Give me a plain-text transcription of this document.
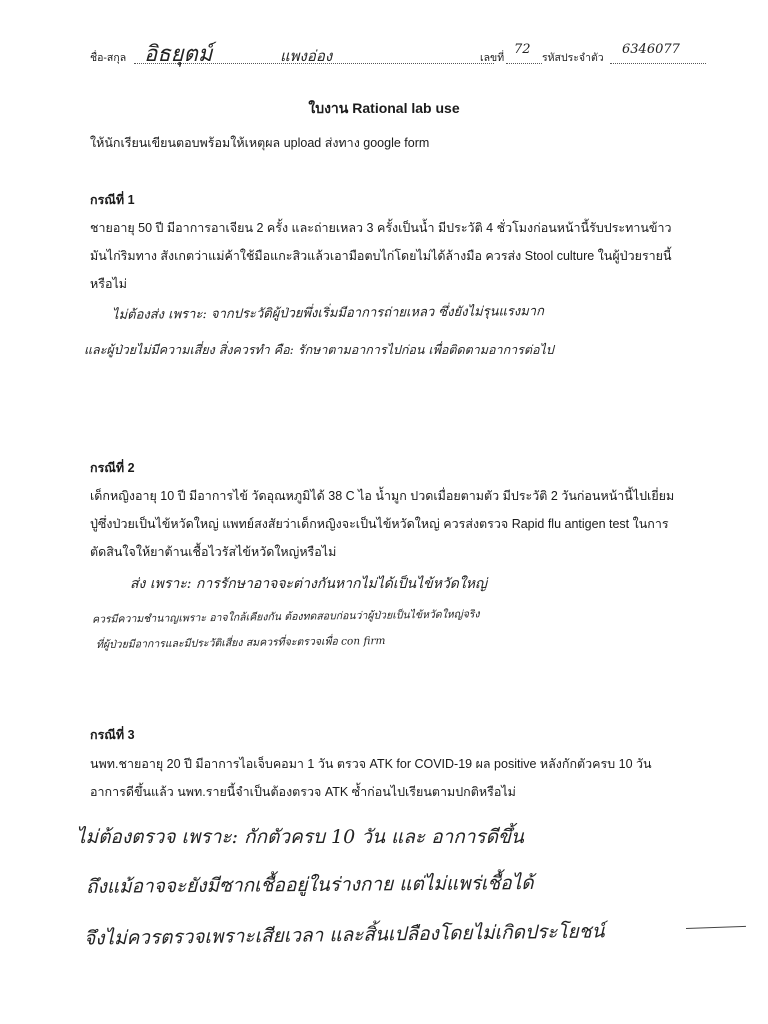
ชื่อ-สกุล อิธยุตม์	แพงอ่อง	เลขที่
72
รหัสประจำตัว
6346077
ใบงาน Rational lab use
ให้นักเรียนเขียนตอบพร้อมให้เหตุผล upload ส่งทาง google form
กรณีที่ 1
ชายอายุ 50 ปี มีอาการอาเจียน 2 ครั้ง และถ่ายเหลว 3 ครั้งเป็นน้ำ มีประวัติ 4 ชั่วโมงก่อนหน้านี้รับประทานข้าว
มันไก่ริมทาง สังเกตว่าแม่ค้าใช้มือแกะสิวแล้วเอามือตบไก่โดยไม่ได้ล้างมือ ควรส่ง Stool culture ในผู้ป่วยรายนี้
หรือไม่
ไม่ต้องส่ง เพราะ: จากประวัติผู้ป่วยพึ่งเริ่มมีอาการถ่ายเหลว ซึ่งยังไม่รุนแรงมาก
และผู้ป่วยไม่มีความเสี่ยง สิ่งควรทำ คือ: รักษาตามอาการไปก่อน เพื่อติดตามอาการต่อไป
กรณีที่ 2
เด็กหญิงอายุ 10 ปี มีอาการไข้ วัดอุณหภูมิได้ 38 C ไอ น้ำมูก ปวดเมื่อยตามตัว มีประวัติ 2 วันก่อนหน้านี้ไปเยี่ยม
ปู่ซึ่งป่วยเป็นไข้หวัดใหญ่ แพทย์สงสัยว่าเด็กหญิงจะเป็นไข้หวัดใหญ่ ควรส่งตรวจ Rapid flu antigen test ในการ
ตัดสินใจให้ยาต้านเชื้อไวรัสไข้หวัดใหญ่หรือไม่
ส่ง เพราะ: การรักษาอาจจะต่างกันหากไม่ได้เป็นไข้หวัดใหญ่
ควรมีความชำนาญเพราะ อาจใกล้เคียงกัน ต้องทดสอบก่อนว่าผู้ป่วยเป็นไข้หวัดใหญ่จริง
ที่ผู้ป่วยมีอาการและมีประวัติเสี่ยง สมควรที่จะตรวจเพื่อ con firm
กรณีที่ 3
นพท.ชายอายุ 20 ปี มีอาการไอเจ็บคอมา 1 วัน ตรวจ ATK for COVID-19 ผล positive หลังกักตัวครบ 10 วัน
อาการดีขึ้นแล้ว นพท.รายนี้จำเป็นต้องตรวจ ATK ซ้ำก่อนไปเรียนตามปกติหรือไม่
ไม่ต้องตรวจ เพราะ: กักตัวครบ 10 วัน และ อาการดีขึ้น
ถึงแม้อาจจะยังมีซากเชื้ออยู่ในร่างกาย แต่ไม่แพร่เชื้อได้
จึงไม่ควรตรวจเพราะเสียเวลา และสิ้นเปลืองโดยไม่เกิดประโยชน์
